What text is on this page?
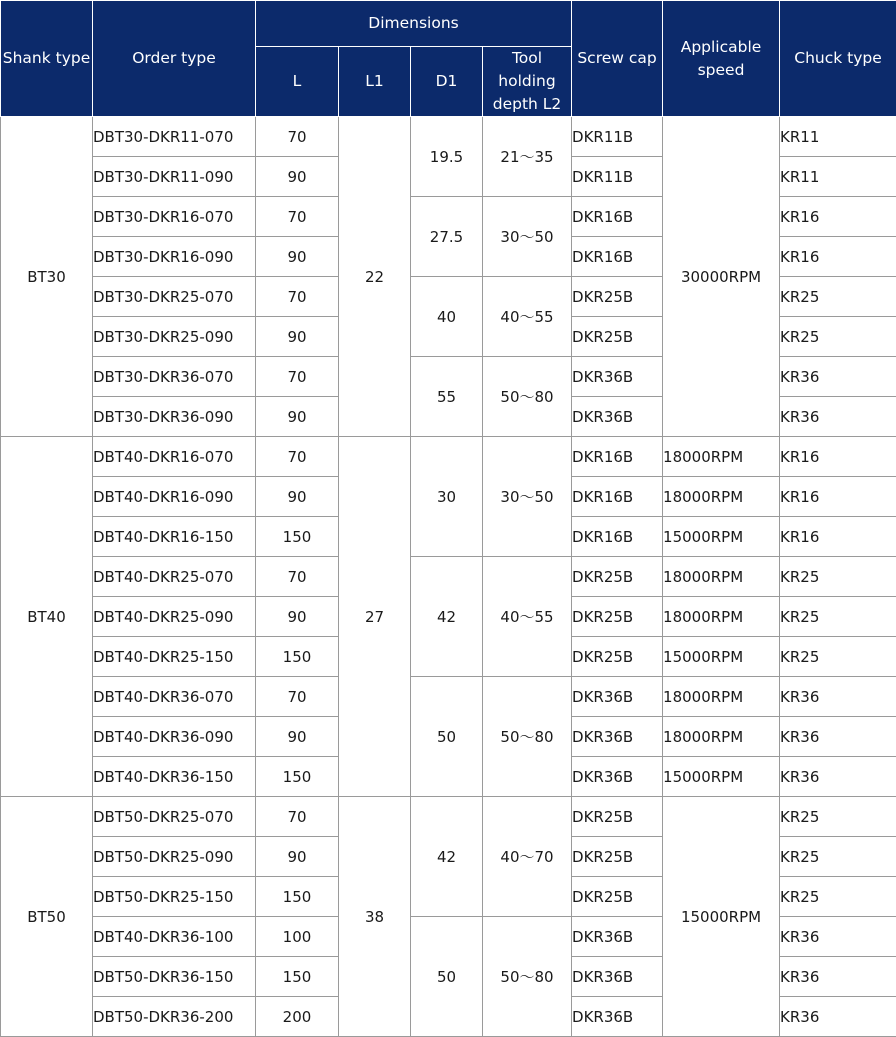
Shank type	Order type	Dimensions				Screw cap	Applicable speed	Chuck type
		L	L1	D1	Tool holding depth L2			
BT30	DBT30-DKR11-070	70	22	19.5	21～35	DKR11B	30000RPM	KR11
	DBT30-DKR11-090	90				DKR11B		KR11
	DBT30-DKR16-070	70		27.5	30～50	DKR16B		KR16
	DBT30-DKR16-090	90				DKR16B		KR16
	DBT30-DKR25-070	70		40	40～55	DKR25B		KR25
	DBT30-DKR25-090	90				DKR25B		KR25
	DBT30-DKR36-070	70		55	50～80	DKR36B		KR36
	DBT30-DKR36-090	90				DKR36B		KR36
BT40	DBT40-DKR16-070	70	27	30	30～50	DKR16B	18000RPM	KR16
	DBT40-DKR16-090	90				DKR16B	18000RPM	KR16
	DBT40-DKR16-150	150				DKR16B	15000RPM	KR16
	DBT40-DKR25-070	70		42	40～55	DKR25B	18000RPM	KR25
	DBT40-DKR25-090	90				DKR25B	18000RPM	KR25
	DBT40-DKR25-150	150				DKR25B	15000RPM	KR25
	DBT40-DKR36-070	70		50	50～80	DKR36B	18000RPM	KR36
	DBT40-DKR36-090	90				DKR36B	18000RPM	KR36
	DBT40-DKR36-150	150				DKR36B	15000RPM	KR36
BT50	DBT50-DKR25-070	70	38	42	40～70	DKR25B	15000RPM	KR25
	DBT50-DKR25-090	90				DKR25B		KR25
	DBT50-DKR25-150	150				DKR25B		KR25
	DBT40-DKR36-100	100		50	50～80	DKR36B		KR36
	DBT50-DKR36-150	150				DKR36B		KR36
	DBT50-DKR36-200	200				DKR36B		KR36
